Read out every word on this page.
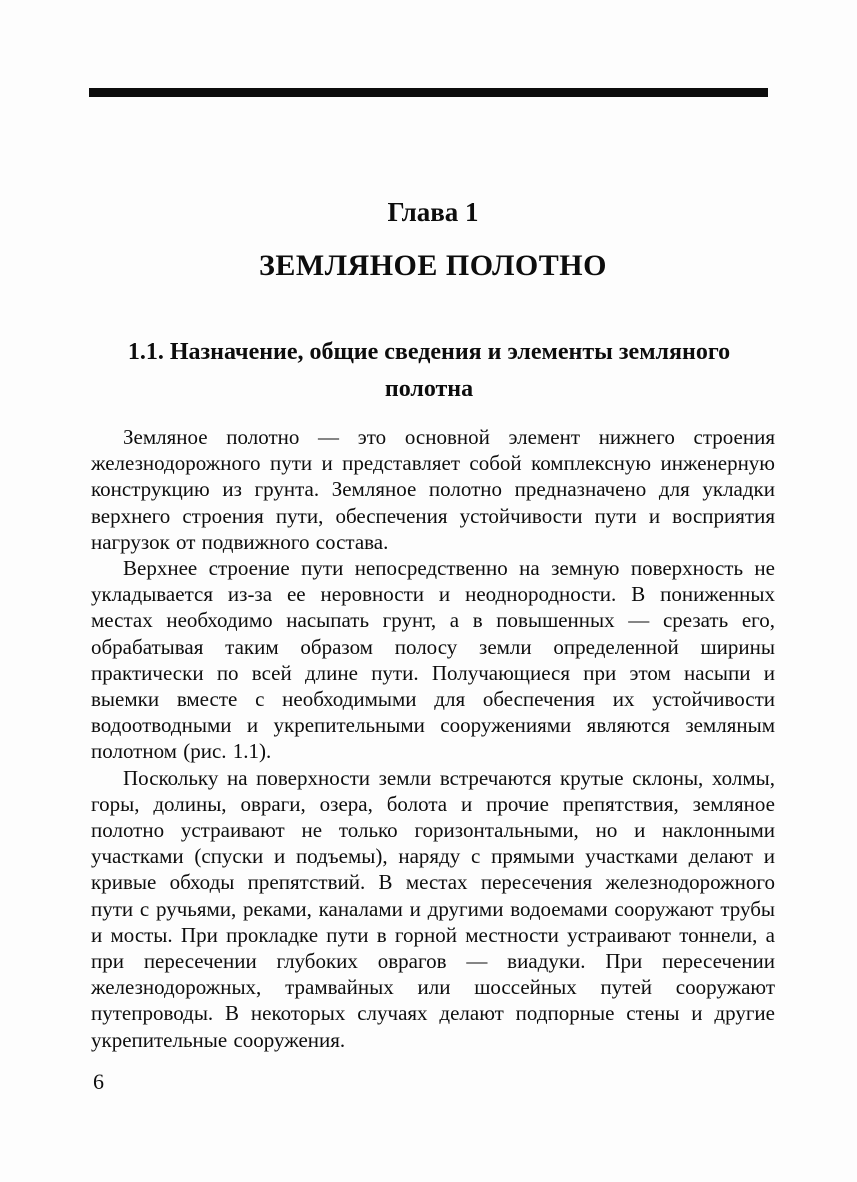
Глава 1
ЗЕМЛЯНОЕ ПОЛОТНО
1.1. Назначение, общие сведения и элементы земляного полотна

Земляное полотно — это основной элемент нижнего строения железнодорожного пути и представляет собой комплексную инженерную конструкцию из грунта. Земляное полотно предназначено для укладки верхнего строения пути, обеспечения устойчивости пути и восприятия нагрузок от подвижного состава.

Верхнее строение пути непосредственно на земную поверхность не укладывается из-за ее неровности и неоднородности. В пониженных местах необходимо насыпать грунт, а в повышенных — срезать его, обрабатывая таким образом полосу земли определенной ширины практически по всей длине пути. Получающиеся при этом насыпи и выемки вместе с необходимыми для обеспечения их устойчивости водоотводными и укрепительными сооружениями являются земляным полотном (рис. 1.1).

Поскольку на поверхности земли встречаются крутые склоны, холмы, горы, долины, овраги, озера, болота и прочие препятствия, земляное полотно устраивают не только горизонтальными, но и наклонными участками (спуски и подъемы), наряду с прямыми участками делают и кривые обходы препятствий. В местах пересечения железнодорожного пути с ручьями, реками, каналами и другими водоемами сооружают трубы и мосты. При прокладке пути в горной местности устраивают тоннели, а при пересечении глубоких оврагов — виадуки. При пересечении железнодорожных, трамвайных или шоссейных путей сооружают путепроводы. В некоторых случаях делают подпорные стены и другие укрепительные сооружения.

6
